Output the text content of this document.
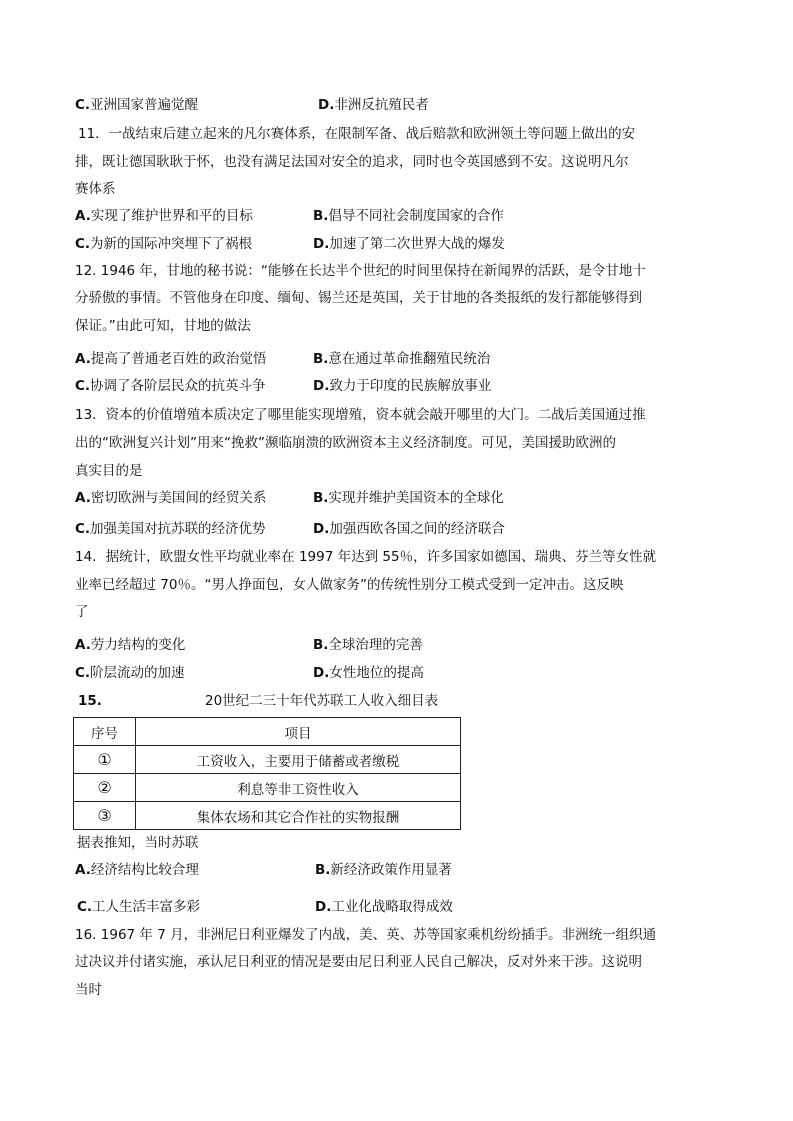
C.亚洲国家普遍觉醒	D.非洲反抗殖民者
11．一战结束后建立起来的凡尔赛体系，在限制军备、战后赔款和欧洲领土等问题上做出的安
排，既让德国耿耿于怀，也没有满足法国对安全的追求，同时也令英国感到不安。这说明凡尔
赛体系
A.实现了维护世界和平的目标	B.倡导不同社会制度国家的合作
C.为新的国际冲突埋下了祸根	D.加速了第二次世界大战的爆发
12. 1946 年，甘地的秘书说：“能够在长达半个世纪的时间里保持在新闻界的活跃，是令甘地十
分骄傲的事情。不管他身在印度、缅甸、锡兰还是英国，关于甘地的各类报纸的发行都能够得到
保证。”由此可知，甘地的做法
A.提高了普通老百姓的政治觉悟	B.意在通过革命推翻殖民统治
C.协调了各阶层民众的抗英斗争	D.致力于印度的民族解放事业
13．资本的价值增殖本质决定了哪里能实现增殖，资本就会敲开哪里的大门。二战后美国通过推
出的“欧洲复兴计划”用来“挽救”濒临崩溃的欧洲资本主义经济制度。可见，美国援助欧洲的
真实目的是
A.密切欧洲与美国间的经贸关系	B.实现并维护美国资本的全球化
C.加强美国对抗苏联的经济优势	D.加强西欧各国之间的经济联合
14．据统计，欧盟女性平均就业率在 1997 年达到 55％，许多国家如德国、瑞典、芬兰等女性就
业率已经超过 70％。“男人挣面包，女人做家务”的传统性别分工模式受到一定冲击。这反映
了
A.劳力结构的变化	B.全球治理的完善
C.阶层流动的加速	D.女性地位的提高
15.	20世纪二三十年代苏联工人收入细目表
序号	项目
①	工资收入，主要用于储蓄或者缴税
②	利息等非工资性收入
③	集体农场和其它合作社的实物报酬
据表推知，当时苏联
A.经济结构比较合理	B.新经济政策作用显著
C.工人生活丰富多彩	D.工业化战略取得成效
16. 1967 年 7 月，非洲尼日利亚爆发了内战，美、英、苏等国家乘机纷纷插手。非洲统一组织通
过决议并付诸实施，承认尼日利亚的情况是要由尼日利亚人民自己解决，反对外来干涉。这说明
当时
